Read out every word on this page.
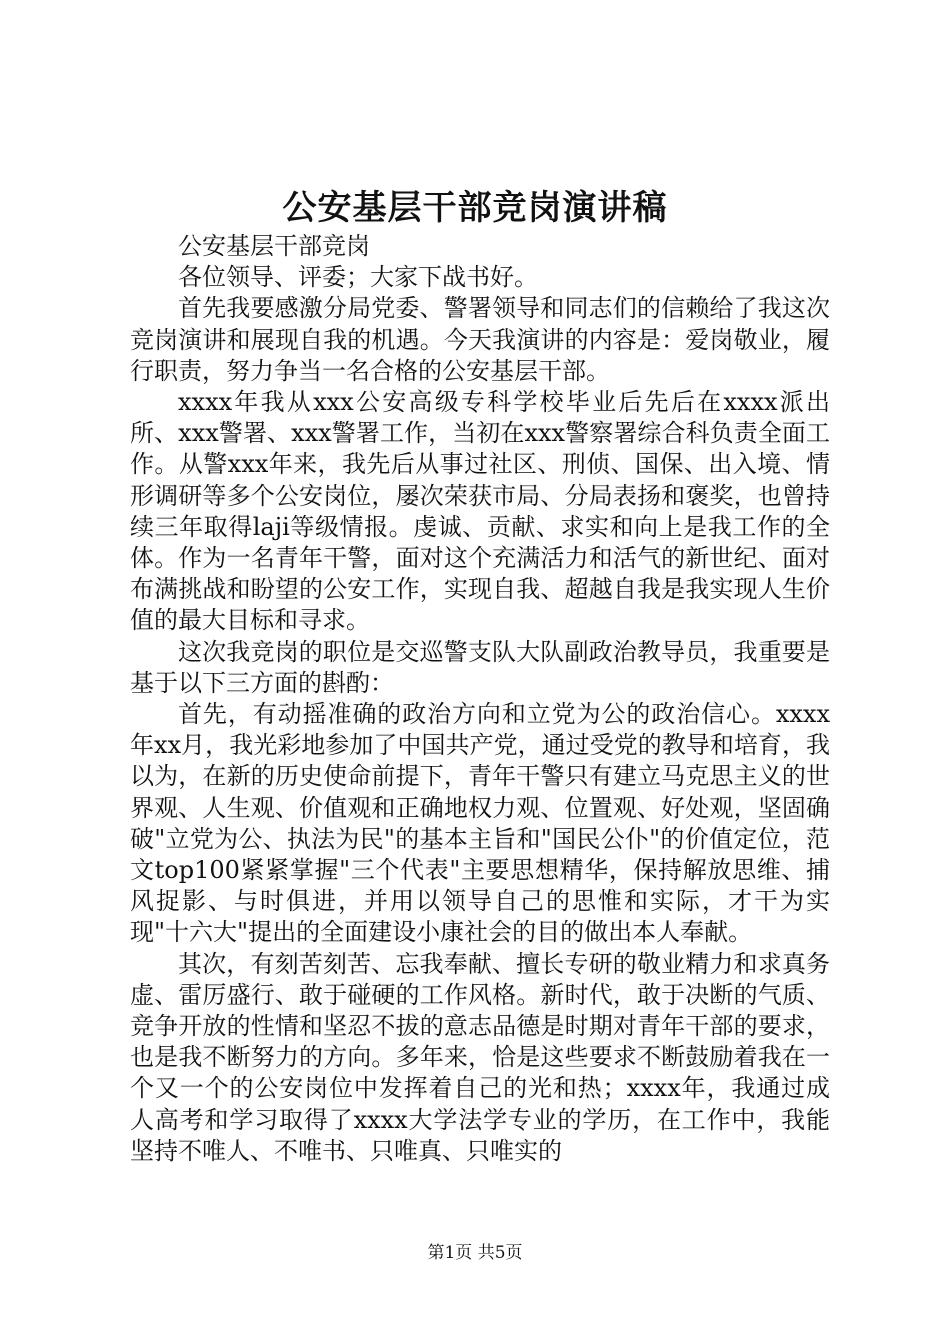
公安基层干部竞岗演讲稿

公安基层干部竞岗

各位领导、评委；大家下战书好。

首先我要感激分局党委、警署领导和同志们的信赖给了我这次竞岗演讲和展现自我的机遇。今天我演讲的内容是：爱岗敬业，履行职责，努力争当一名合格的公安基层干部。

xxxx年我从xxx公安高级专科学校毕业后先后在xxxx派出所、xxx警署、xxx警署工作，当初在xxx警察署综合科负责全面工作。从警xxx年来，我先后从事过社区、刑侦、国保、出入境、情形调研等多个公安岗位，屡次荣获市局、分局表扬和褒奖，也曾持续三年取得laji等级情报。虔诚、贡献、求实和向上是我工作的全体。作为一名青年干警，面对这个充满活力和活气的新世纪、面对布满挑战和盼望的公安工作，实现自我、超越自我是我实现人生价值的最大目标和寻求。

这次我竞岗的职位是交巡警支队大队副政治教导员，我重要是基于以下三方面的斟酌：

首先，有动摇准确的政治方向和立党为公的政治信心。xxxx年xx月，我光彩地参加了中国共产党，通过受党的教导和培育，我以为，在新的历史使命前提下，青年干警只有建立马克思主义的世界观、人生观、价值观和正确地权力观、位置观、好处观，坚固确破"立党为公、执法为民"的基本主旨和"国民公仆"的价值定位，范文top100紧紧掌握"三个代表"主要思想精华，保持解放思维、捕风捉影、与时俱进，并用以领导自己的思惟和实际，才干为实现"十六大"提出的全面建设小康社会的目的做出本人奉献。

其次，有刻苦刻苦、忘我奉献、擅长专研的敬业精力和求真务虚、雷厉盛行、敢于碰硬的工作风格。新时代，敢于决断的气质、竞争开放的性情和坚忍不拔的意志品德是时期对青年干部的要求，也是我不断努力的方向。多年来，恰是这些要求不断鼓励着我在一个又一个的公安岗位中发挥着自己的光和热；xxxx年，我通过成人高考和学习取得了xxxx大学法学专业的学历，在工作中，我能坚持不唯人、不唯书、只唯真、只唯实的

第1页 共5页
